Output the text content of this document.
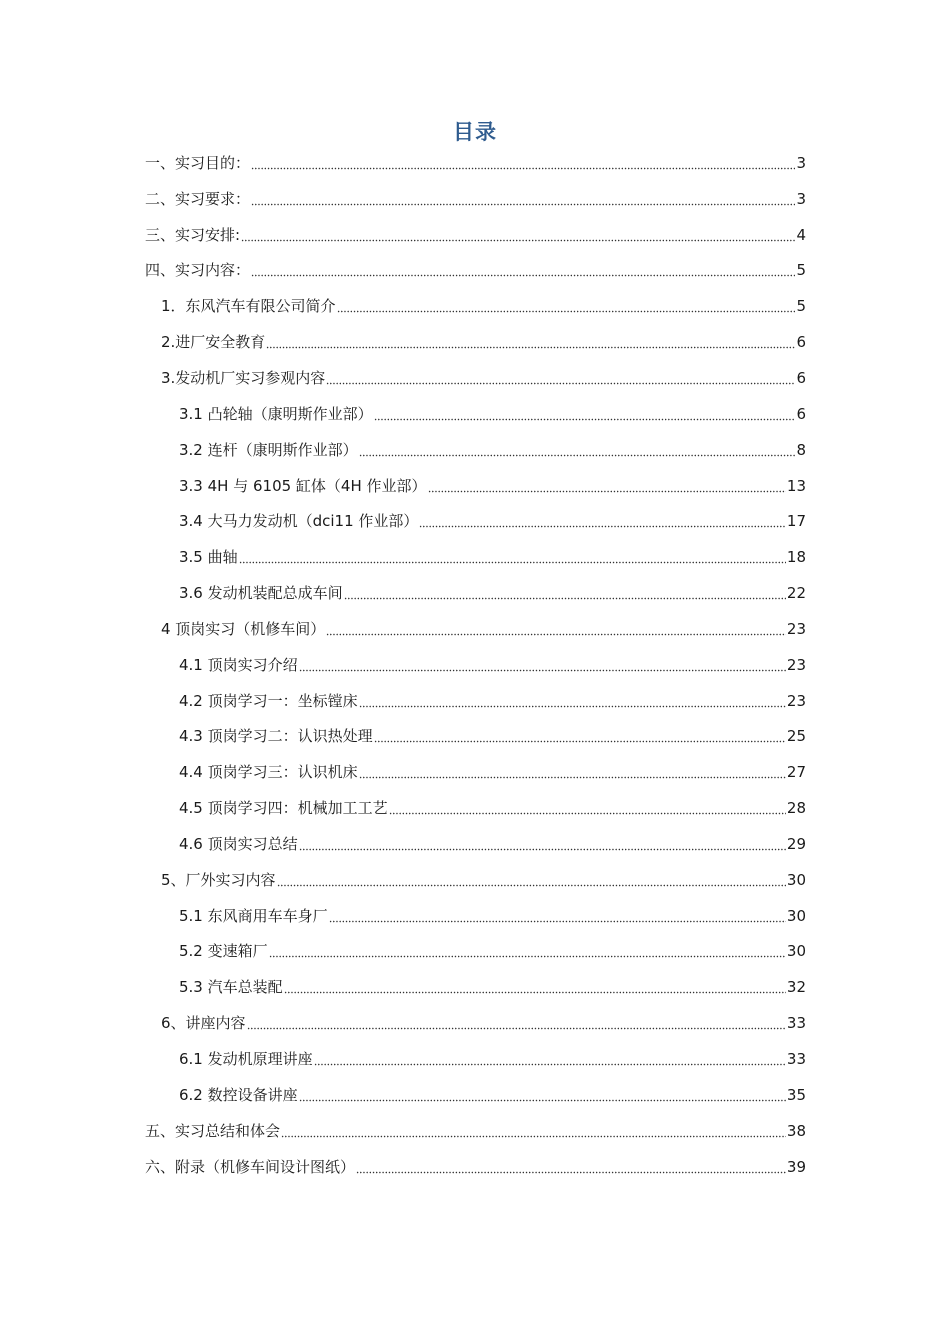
目录
一、实习目的：	3
二、实习要求：	3
三、实习安排:	4
四、实习内容：	5
1．东风汽车有限公司简介	5
2.进厂安全教育	6
3.发动机厂实习参观内容	6
3.1 凸轮轴（康明斯作业部）	6
3.2 连杆（康明斯作业部）	8
3.3 4H 与 6105 缸体（4H 作业部）	13
3.4 大马力发动机（dci11 作业部）	17
3.5 曲轴	18
3.6 发动机装配总成车间	22
4 顶岗实习（机修车间）	23
4.1 顶岗实习介绍	23
4.2 顶岗学习一：坐标镗床	23
4.3 顶岗学习二：认识热处理	25
4.4 顶岗学习三：认识机床	27
4.5 顶岗学习四：机械加工工艺	28
4.6 顶岗实习总结	29
5、厂外实习内容	30
5.1 东风商用车车身厂	30
5.2 变速箱厂	30
5.3 汽车总装配	32
6、讲座内容	33
6.1 发动机原理讲座	33
6.2 数控设备讲座	35
五、实习总结和体会	38
六、附录（机修车间设计图纸）	39
